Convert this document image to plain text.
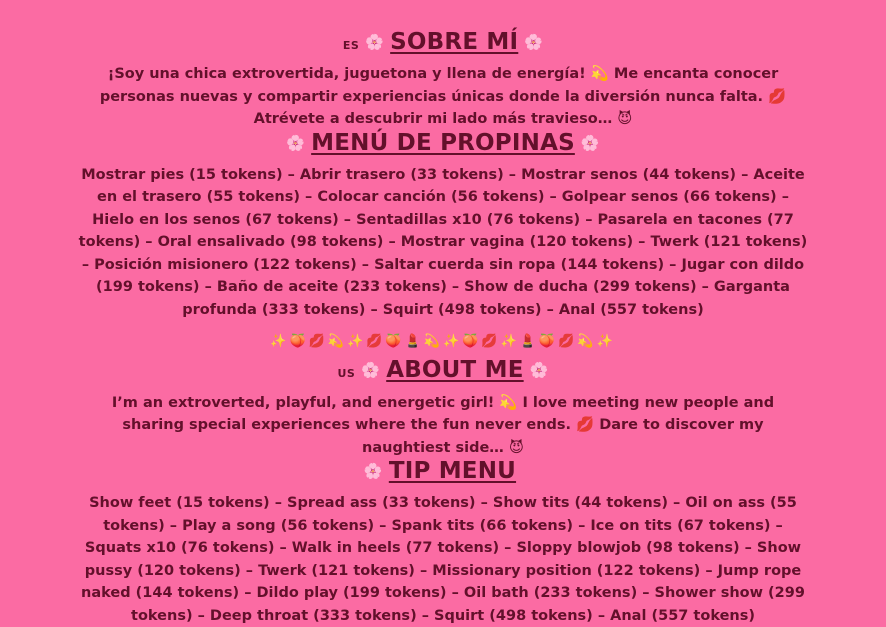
ES 🌸 SOBRE MÍ 🌸

¡Soy una chica extrovertida, juguetona y llena de energía! 💫 Me encanta conocer personas nuevas y compartir experiencias únicas donde la diversión nunca falta. 💋 Atrévete a descubrir mi lado más travieso… 😈

🌸 MENÚ DE PROPINAS 🌸

Mostrar pies (15 tokens) – Abrir trasero (33 tokens) – Mostrar senos (44 tokens) – Aceite en el trasero (55 tokens) – Colocar canción (56 tokens) – Golpear senos (66 tokens) – Hielo en los senos (67 tokens) – Sentadillas x10 (76 tokens) – Pasarela en tacones (77 tokens) – Oral ensalivado (98 tokens) – Mostrar vagina (120 tokens) – Twerk (121 tokens) – Posición misionero (122 tokens) – Saltar cuerda sin ropa (144 tokens) – Jugar con dildo (199 tokens) – Baño de aceite (233 tokens) – Show de ducha (299 tokens) – Garganta profunda (333 tokens) – Squirt (498 tokens) – Anal (557 tokens)

✨🍑💋💫✨💋🍑💄💫✨🍑💋✨💄🍑💋💫✨
US 🌸 ABOUT ME 🌸

I’m an extroverted, playful, and energetic girl! 💫 I love meeting new people and sharing special experiences where the fun never ends. 💋 Dare to discover my naughtiest side… 😈

🌸 TIP MENU

Show feet (15 tokens) – Spread ass (33 tokens) – Show tits (44 tokens) – Oil on ass (55 tokens) – Play a song (56 tokens) – Spank tits (66 tokens) – Ice on tits (67 tokens) – Squats x10 (76 tokens) – Walk in heels (77 tokens) – Sloppy blowjob (98 tokens) – Show pussy (120 tokens) – Twerk (121 tokens) – Missionary position (122 tokens) – Jump rope naked (144 tokens) – Dildo play (199 tokens) – Oil bath (233 tokens) – Shower show (299 tokens) – Deep throat (333 tokens) – Squirt (498 tokens) – Anal (557 tokens)
